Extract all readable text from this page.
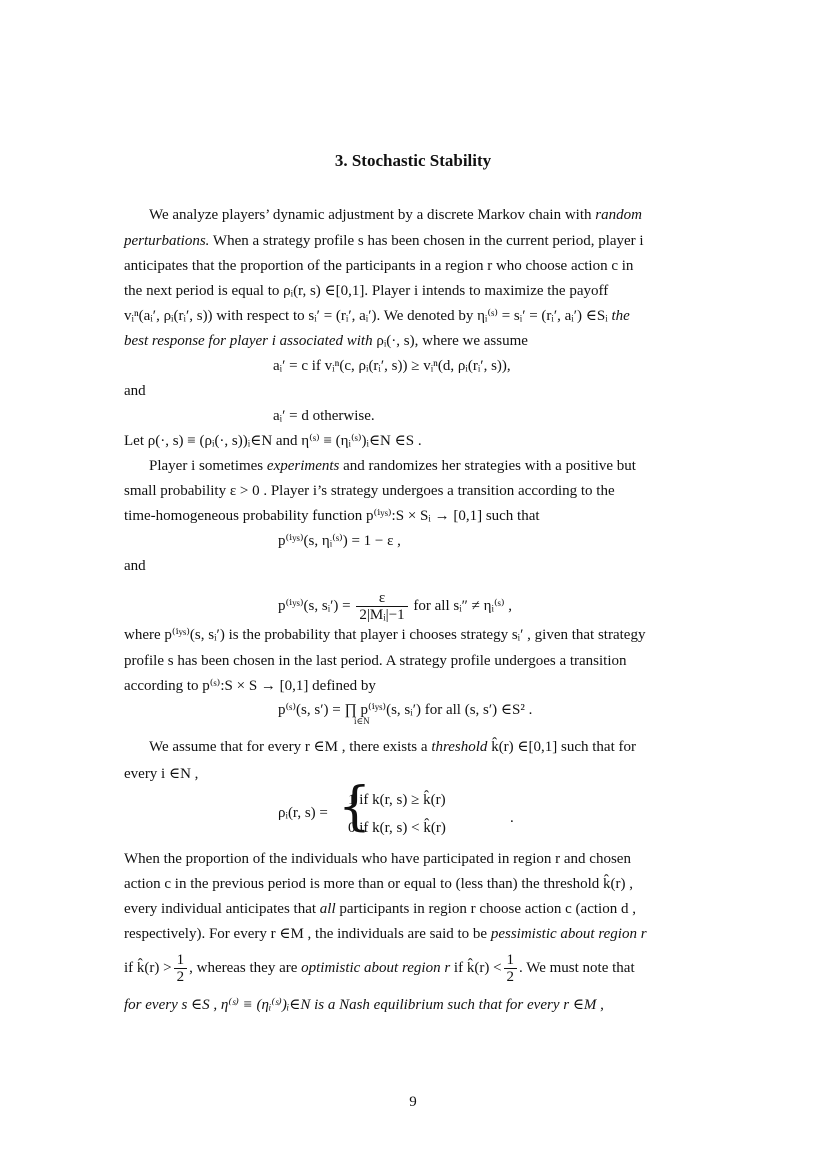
3. Stochastic Stability
We analyze players’ dynamic adjustment by a discrete Markov chain with random
perturbations. When a strategy profile s has been chosen in the current period, player i
anticipates that the proportion of the participants in a region r who choose action c in
the next period is equal to ρᵢ(r, s) ∈[0,1]. Player i intends to maximize the payoff
vᵢⁿ(aᵢ′, ρᵢ(rᵢ′, s)) with respect to sᵢ′ = (rᵢ′, aᵢ′). We denoted by ηᵢ⁽ˢ⁾ = sᵢ′ = (rᵢ′, aᵢ′) ∈Sᵢ the
best response for player i associated with ρᵢ(·, s), where we assume
aᵢ′ = c if vᵢⁿ(c, ρᵢ(rᵢ′, s)) ≥ vᵢⁿ(d, ρᵢ(rᵢ′, s)),
and
aᵢ′ = d otherwise.
Let ρ(·, s) ≡ (ρᵢ(·, s))ᵢ∈N and η⁽ˢ⁾ ≡ (ηᵢ⁽ˢ⁾)ᵢ∈N ∈S .
Player i sometimes experiments and randomizes her strategies with a positive but
small probability ε > 0 . Player i’s strategy undergoes a transition according to the
time-homogeneous probability function p⁽ⁱʸˢ⁾:S × Sᵢ → [0,1] such that
p⁽ⁱʸˢ⁾(s, ηᵢ⁽ˢ⁾) = 1 − ε ,
and
p⁽ⁱʸˢ⁾(s, sᵢ′) = $\frac{\varepsilon}{\text{2|Mᵢ|−1}}$ for all sᵢ″ ≠ ηᵢ⁽ˢ⁾ ,
where p⁽ⁱʸˢ⁾(s, sᵢ′) is the probability that player i chooses strategy sᵢ′ , given that strategy
profile s has been chosen in the last period. A strategy profile undergoes a transition
according to p⁽ˢ⁾:S × S → [0,1] defined by
p⁽ˢ⁾(s, s′) = ∏ p⁽ⁱʸˢ⁾(s, sᵢ′) for all (s, s′) ∈S² .
i∈N
We assume that for every r ∈M , there exists a threshold k̂(r) ∈[0,1] such that for
every i ∈N ,
ρᵢ(r, s) = {
1 if k(r, s) ≥ k̂(r)
0 if k(r, s) < k̂(r)
.
When the proportion of the individuals who have participated in region r and chosen
action c in the previous period is more than or equal to (less than) the threshold k̂(r) ,
every individual anticipates that all participants in region r choose action c (action d ,
respectively). For every r ∈M , the individuals are said to be pessimistic about region r
if k̂(r) > $\frac{1}{2}$ , whereas they are optimistic about region r if k̂(r) < $\frac{1}{2}$ . We must note that
for every s ∈S , η⁽ˢ⁾ ≡ (ηᵢ⁽ˢ⁾)ᵢ∈N is a Nash equilibrium such that for every r ∈M ,
9
